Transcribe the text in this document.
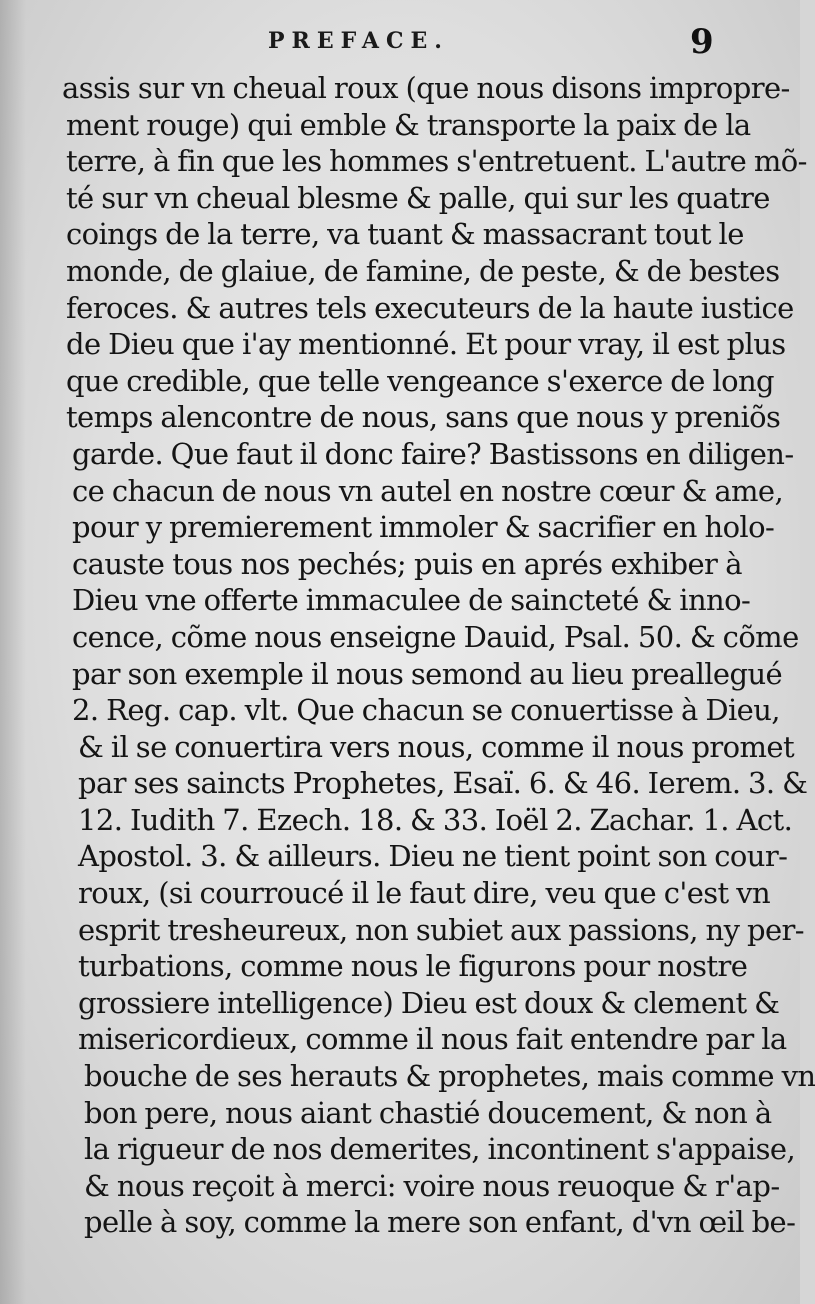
PREFACE.	9
assis sur vn cheual roux (que nous disons impropre-
ment rouge) qui emble & transporte la paix de la
terre, à fin que les hommes s'entretuent. L'autre mõ-
té sur vn cheual blesme & palle, qui sur les quatre
coings de la terre, va tuant & massacrant tout le
monde, de glaiue, de famine, de peste, & de bestes
feroces. & autres tels executeurs de la haute iustice
de Dieu que i'ay mentionné. Et pour vray, il est plus
que credible, que telle vengeance s'exerce de long
temps alencontre de nous, sans que nous y preniõs
garde. Que faut il donc faire? Bastissons en diligen-
ce chacun de nous vn autel en nostre cœur & ame,
pour y premierement immoler & sacrifier en holo-
causte tous nos pechés; puis en aprés exhiber à
Dieu vne offerte immaculee de saincteté & inno-
cence, cõme nous enseigne Dauid, Psal. 50. & cõme
par son exemple il nous semond au lieu preallegué
2. Reg. cap. vlt. Que chacun se conuertisse à Dieu,
& il se conuertira vers nous, comme il nous promet
par ses saincts Prophetes, Esaï. 6. & 46. Ierem. 3. &
12. Iudith 7. Ezech. 18. & 33. Ioël 2. Zachar. 1. Act.
Apostol. 3. & ailleurs. Dieu ne tient point son cour-
roux, (si courroucé il le faut dire, veu que c'est vn
esprit tresheureux, non subiet aux passions, ny per-
turbations, comme nous le figurons pour nostre
grossiere intelligence) Dieu est doux & clement &
misericordieux, comme il nous fait entendre par la
bouche de ses herauts & prophetes, mais comme vn
bon pere, nous aiant chastié doucement, & non à
la rigueur de nos demerites, incontinent s'appaise,
& nous reçoit à merci: voire nous reuoque & r'ap-
pelle à soy, comme la mere son enfant, d'vn œil be-
